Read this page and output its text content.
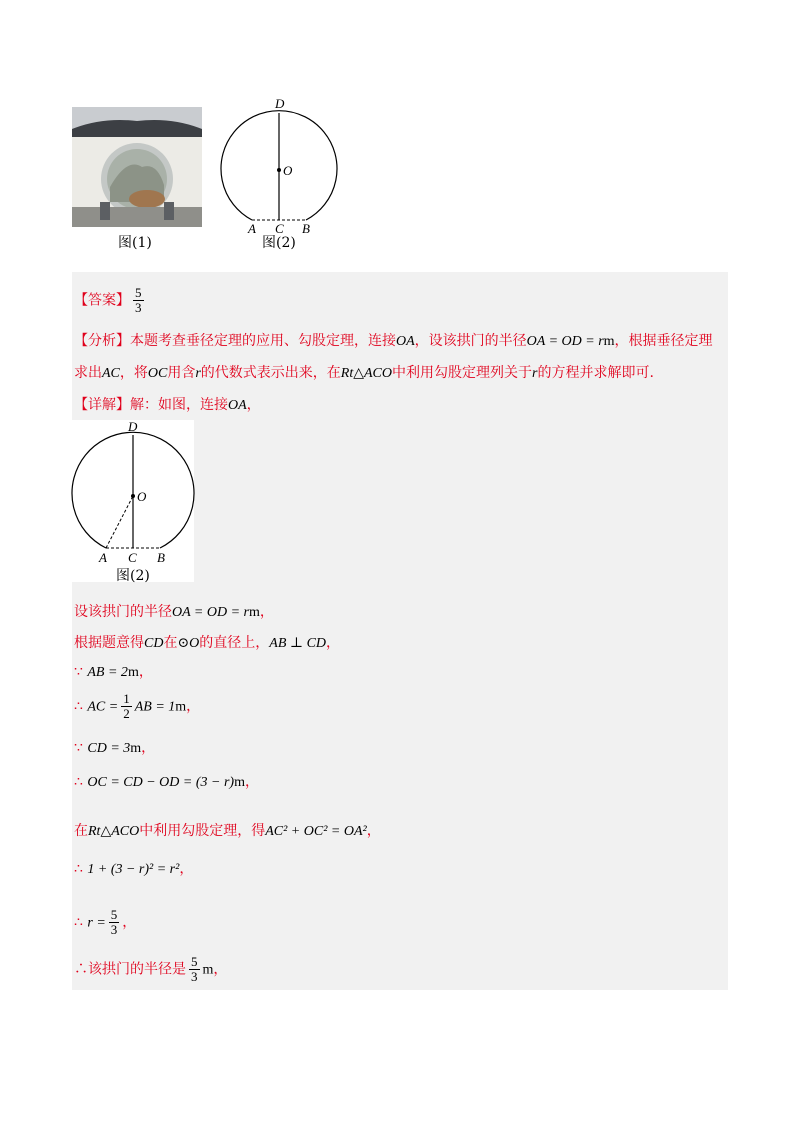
图(1)
D
O
A C B
图(2)
【答案】 $\frac{5}{3}$
【分析】本题考查垂径定理的应用、勾股定理，连接OA，设该拱门的半径OA = OD = rm，根据垂径定理
求出AC，将OC用含r的代数式表示出来，在Rt△ACO中利用勾股定理列关于r的方程并求解即可.
【详解】解：如图，连接OA，
D
O
A C B
图(2)
设该拱门的半径OA = OD = rm，
根据题意得CD在⊙O的直径上，AB ⊥ CD，
∵ AB = 2m，
∴ AC = $\frac{1}{2}$ AB = 1m，
∵ CD = 3m，
∴ OC = CD − OD = (3 − r)m，
在Rt△ACO中利用勾股定理，得AC² + OC² = OA²，
∴ 1 + (3 − r)² = r²，
∴ $r = \frac{5}{3}$ ，
∴该拱门的半径是 $\frac{5}{3}$ m，
